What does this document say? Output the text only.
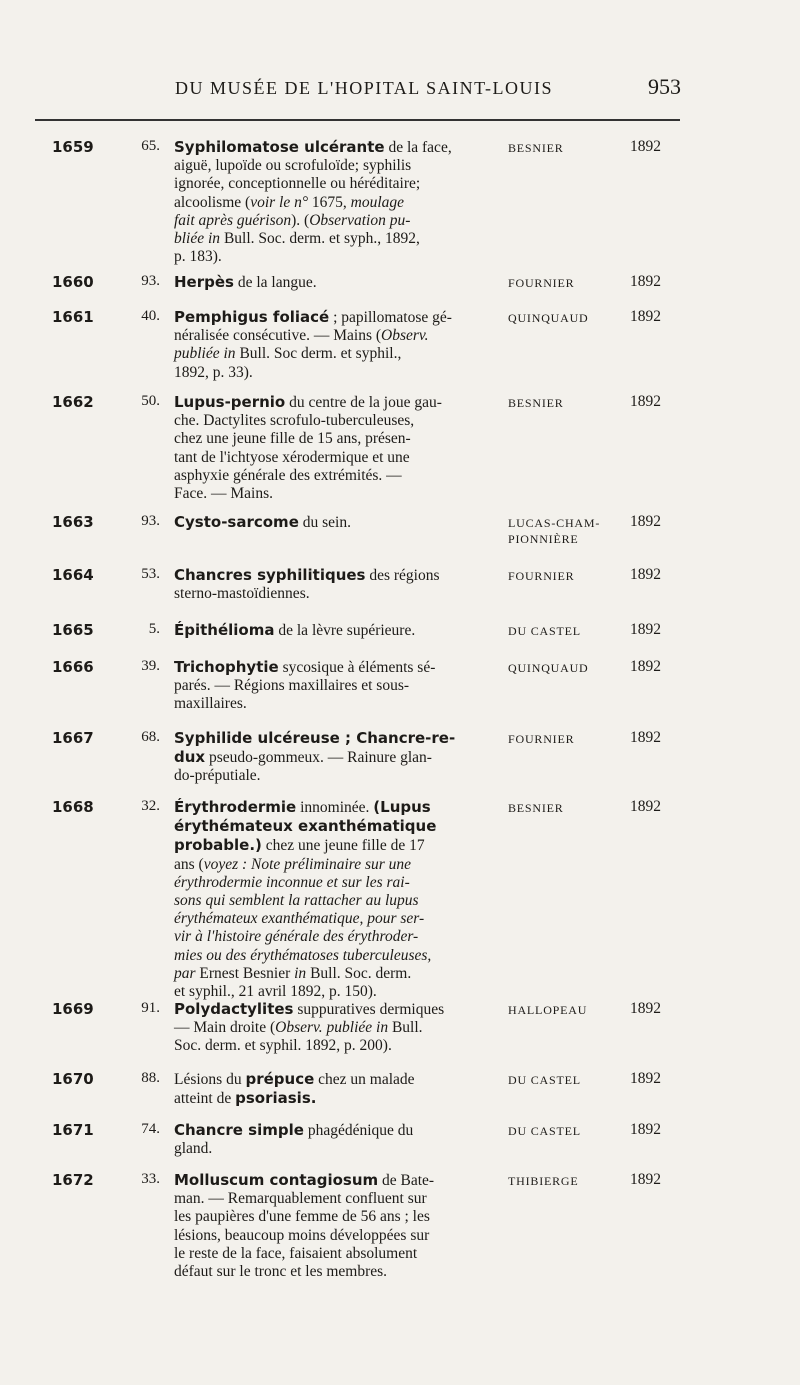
DU MUSÉE DE L'HOPITAL SAINT-LOUIS	953
1659	65. Syphilomatose ulcérante de la face,
aiguë, lupoïde ou scrofuloïde; syphilis
ignorée, conceptionnelle ou héréditaire;
alcoolisme (voir le n° 1675, moulage
fait après guérison). (Observation pu-
bliée in Bull. Soc. derm. et syph., 1892,
p. 183).
BESNIER	1892
1660	93. Herpès de la langue.	FOURNIER	1892
1661	40. Pemphigus foliacé ; papillomatose gé-
néralisée consécutive. — Mains (Observ.
publiée in Bull. Soc derm. et syphil.,
1892, p. 33).
QUINQUAUD	1892
1662	50. Lupus-pernio du centre de la joue gau-
che. Dactylites scrofulo-tuberculeuses,
chez une jeune fille de 15 ans, présen-
tant de l'ichtyose xérodermique et une
asphyxie générale des extrémités. —
Face. — Mains.
BESNIER	1892
1663	93. Cysto-sarcome du sein.	LUCAS-CHAM-
PIONNIÈRE
1892
1664	53. Chancres syphilitiques des régions
sterno-mastoïdiennes.
FOURNIER	1892
1665	5. Épithélioma de la lèvre supérieure.	DU CASTEL	1892
1666	39. Trichophytie sycosique à éléments sé-
parés. — Régions maxillaires et sous-
maxillaires.
QUINQUAUD	1892
1667	68. Syphilide ulcéreuse ; Chancre-re-
dux pseudo-gommeux. — Rainure glan-
do-préputiale.
FOURNIER	1892
1668	32. Érythrodermie innominée. (Lupus
érythémateux exanthématique
probable.) chez une jeune fille de 17
ans (voyez : Note préliminaire sur une
érythrodermie inconnue et sur les rai-
sons qui semblent la rattacher au lupus
érythémateux exanthématique, pour ser-
vir à l'histoire générale des érythroder-
mies ou des érythématoses tuberculeuses,
par Ernest Besnier in Bull. Soc. derm.
et syphil., 21 avril 1892, p. 150).
BESNIER	1892
1669	91. Polydactylites suppuratives dermiques
— Main droite (Observ. publiée in Bull.
Soc. derm. et syphil. 1892, p. 200).
HALLOPEAU	1892
1670	88. Lésions du prépuce chez un malade
atteint de psoriasis.
DU CASTEL	1892
1671	74. Chancre simple phagédénique du
gland.
DU CASTEL	1892
1672	33. Molluscum contagiosum de Bate-
man. — Remarquablement confluent sur
les paupières d'une femme de 56 ans ; les
lésions, beaucoup moins développées sur
le reste de la face, faisaient absolument
défaut sur le tronc et les membres.
THIBIERGE	1892
